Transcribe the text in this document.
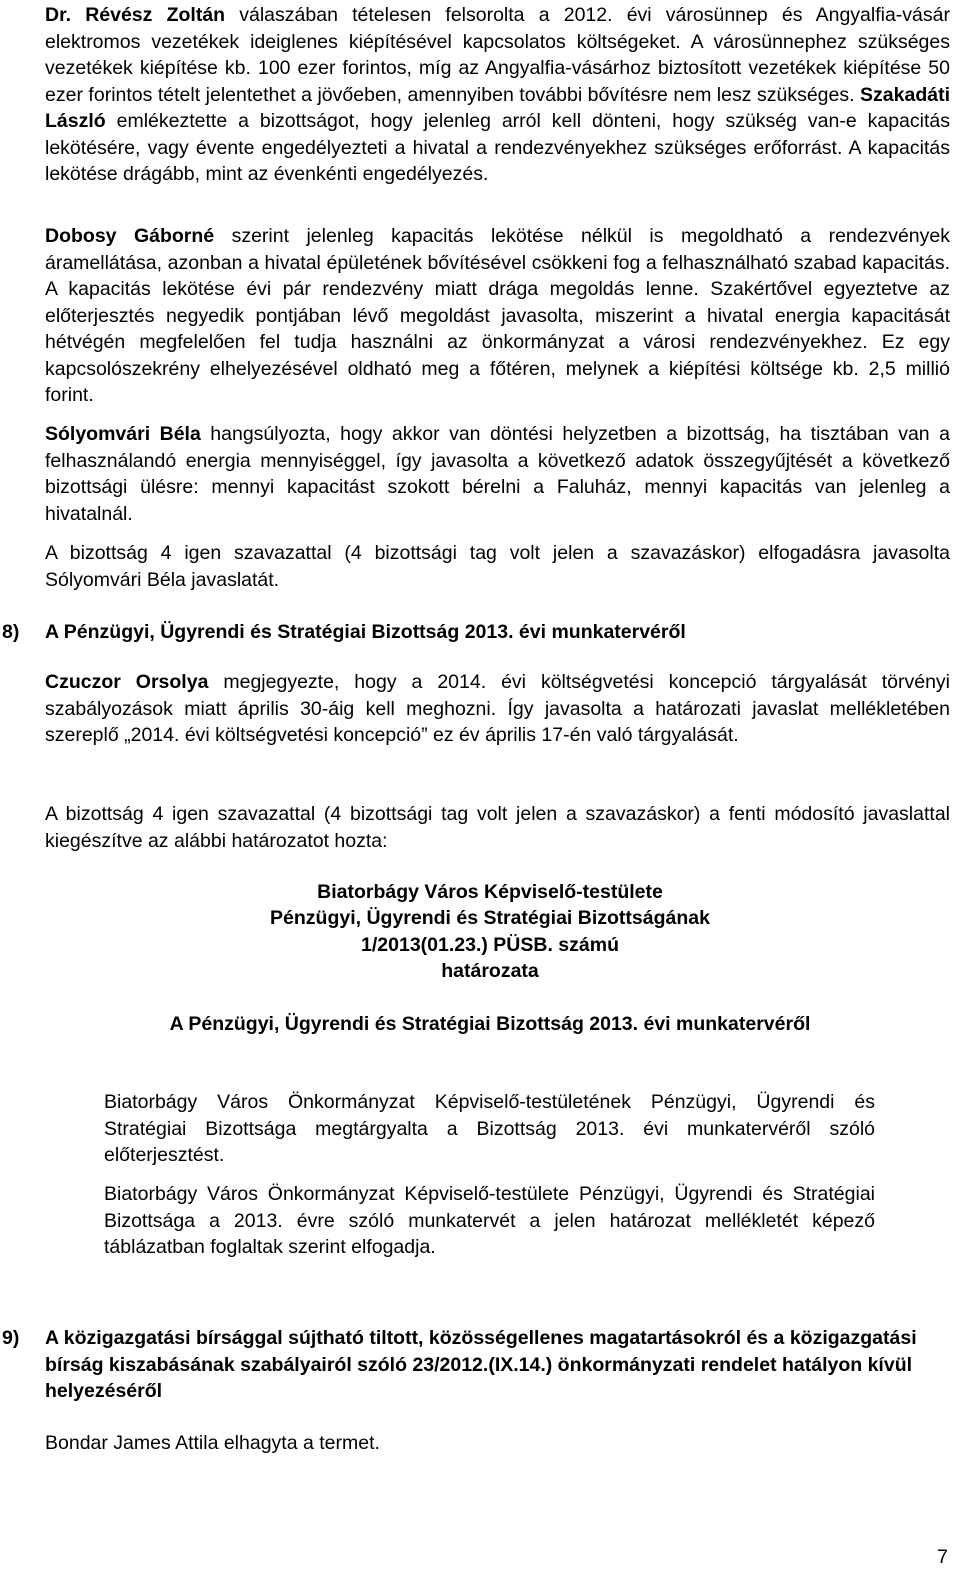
Dr. Révész Zoltán válaszában tételesen felsorolta a 2012. évi városünnep és Angyalfia-vásár elektromos vezetékek ideiglenes kiépítésével kapcsolatos költségeket. A városünnephez szükséges vezetékek kiépítése kb. 100 ezer forintos, míg az Angyalfia-vásárhoz biztosított vezetékek kiépítése 50 ezer forintos tételt jelentethet a jövőeben, amennyiben további bővítésre nem lesz szükséges. Szakadáti László emlékeztette a bizottságot, hogy jelenleg arról kell dönteni, hogy szükség van-e kapacitás lekötésére, vagy évente engedélyezteti a hivatal a rendezvényekhez szükséges erőforrást. A kapacitás lekötése drágább, mint az évenkénti engedélyezés.

Dobosy Gáborné szerint jelenleg kapacitás lekötése nélkül is megoldható a rendezvények áramellátása, azonban a hivatal épületének bővítésével csökkeni fog a felhasználható szabad kapacitás. A kapacitás lekötése évi pár rendezvény miatt drága megoldás lenne. Szakértővel egyeztetve az előterjesztés negyedik pontjában lévő megoldást javasolta, miszerint a hivatal energia kapacitását hétvégén megfelelően fel tudja használni az önkormányzat a városi rendezvényekhez. Ez egy kapcsolószekrény elhelyezésével oldható meg a főtéren, melynek a kiépítési költsége kb. 2,5 millió forint.

Sólyomvári Béla hangsúlyozta, hogy akkor van döntési helyzetben a bizottság, ha tisztában van a felhasználandó energia mennyiséggel, így javasolta a következő adatok összegyűjtését a következő bizottsági ülésre: mennyi kapacitást szokott bérelni a Faluház, mennyi kapacitás van jelenleg a hivatalnál.

A bizottság 4 igen szavazattal (4 bizottsági tag volt jelen a szavazáskor) elfogadásra javasolta Sólyomvári Béla javaslatát.

8) A Pénzügyi, Ügyrendi és Stratégiai Bizottság 2013. évi munkatervéről

Czuczor Orsolya megjegyezte, hogy a 2014. évi költségvetési koncepció tárgyalását törvényi szabályozások miatt április 30-áig kell meghozni. Így javasolta a határozati javaslat mellékletében szereplő „2014. évi költségvetési koncepció” ez év április 17-én való tárgyalását.

A bizottság 4 igen szavazattal (4 bizottsági tag volt jelen a szavazáskor) a fenti módosító javaslattal kiegészítve az alábbi határozatot hozta:

Biatorbágy Város Képviselő-testülete

Pénzügyi, Ügyrendi és Stratégiai Bizottságának

1/2013(01.23.) PÜSB. számú

határozata

A Pénzügyi, Ügyrendi és Stratégiai Bizottság 2013. évi munkatervéről

Biatorbágy Város Önkormányzat Képviselő-testületének Pénzügyi, Ügyrendi és Stratégiai Bizottsága megtárgyalta a Bizottság 2013. évi munkatervéről szóló előterjesztést.

Biatorbágy Város Önkormányzat Képviselő-testülete Pénzügyi, Ügyrendi és Stratégiai Bizottsága a 2013. évre szóló munkatervét a jelen határozat mellékletét képező táblázatban foglaltak szerint elfogadja.

9) A közigazgatási bírsággal sújtható tiltott, közösségellenes magatartásokról és a közigazgatási bírság kiszabásának szabályairól szóló 23/2012.(IX.14.) önkormányzati rendelet hatályon kívül helyezéséről

Bondar James Attila elhagyta a termet.

7
